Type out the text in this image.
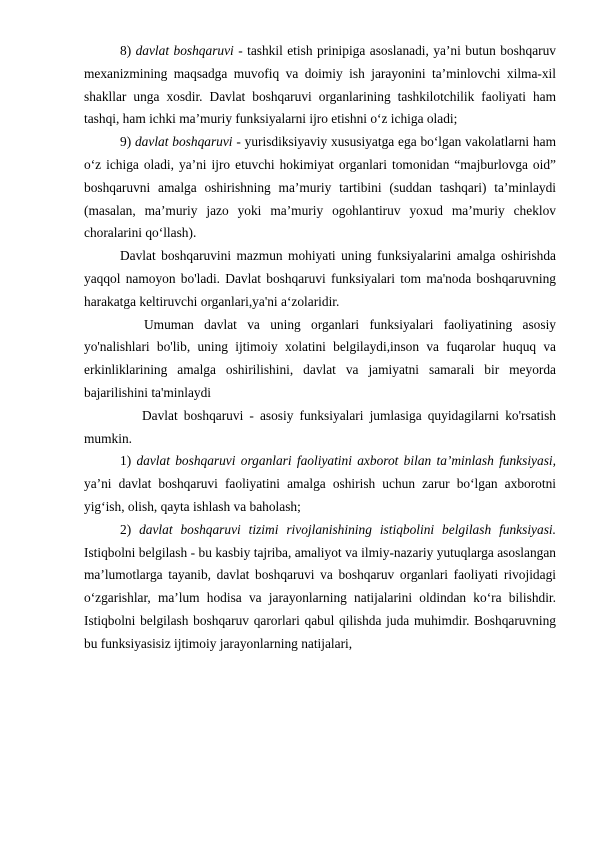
8) davlat boshqaruvi - tashkil etish prinipiga asoslanadi, ya’ni butun boshqaruv mexanizmining maqsadga muvofiq va doimiy ish jarayonini ta’minlovchi xilma-xil shakllar unga xosdir. Davlat boshqaruvi organlarining tashkilotchilik faoliyati ham tashqi, ham ichki ma’muriy funksiyalarni ijro etishni o‘z ichiga oladi;

9) davlat boshqaruvi - yurisdiksiyaviy xususiyatga ega bo‘lgan vakolatlarni ham o‘z ichiga oladi, ya’ni ijro etuvchi hokimiyat organlari tomonidan “majburlovga oid” boshqaruvni amalga oshirishning ma’muriy tartibini (suddan tashqari) ta’minlaydi (masalan, ma’muriy jazo yoki ma’muriy ogohlantiruv yoxud ma’muriy cheklov choralarini qo‘llash).

Davlat boshqaruvini mazmun mohiyati uning funksiyalarini amalga oshirishda yaqqol namoyon bo'ladi. Davlat boshqaruvi funksiyalari tom ma'noda boshqaruvning harakatga keltiruvchi organlari,ya'ni a‘zolaridir.

Umuman davlat va uning organlari funksiyalari faoliyatining asosiy yo'nalishlari bo'lib, uning ijtimoiy xolatini belgilaydi,inson va fuqarolar huquq va erkinliklarining amalga oshirilishini, davlat va jamiyatni samarali bir meyorda bajarilishini ta'minlaydi

Davlat boshqaruvi - asosiy funksiyalari jumlasiga quyidagilarni ko'rsatish mumkin.

1) davlat boshqaruvi organlari faoliyatini axborot bilan ta’minlash funksiyasi, ya’ni davlat boshqaruvi faoliyatini amalga oshirish uchun zarur bo‘lgan axborotni yig‘ish, olish, qayta ishlash va baholash;

2) davlat boshqaruvi tizimi rivojlanishining istiqbolini belgilash funksiyasi. Istiqbolni belgilash - bu kasbiy tajriba, amaliyot va ilmiy-nazariy yutuqlarga asoslangan ma’lumotlarga tayanib, davlat boshqaruvi va boshqaruv organlari faoliyati rivojidagi o‘zgarishlar, ma’lum hodisa va jarayonlarning natijalarini oldindan ko‘ra bilishdir. Istiqbolni belgilash boshqaruv qarorlari qabul qilishda juda muhimdir. Boshqaruvning bu funksiyasisiz ijtimoiy jarayonlarning natijalari,
